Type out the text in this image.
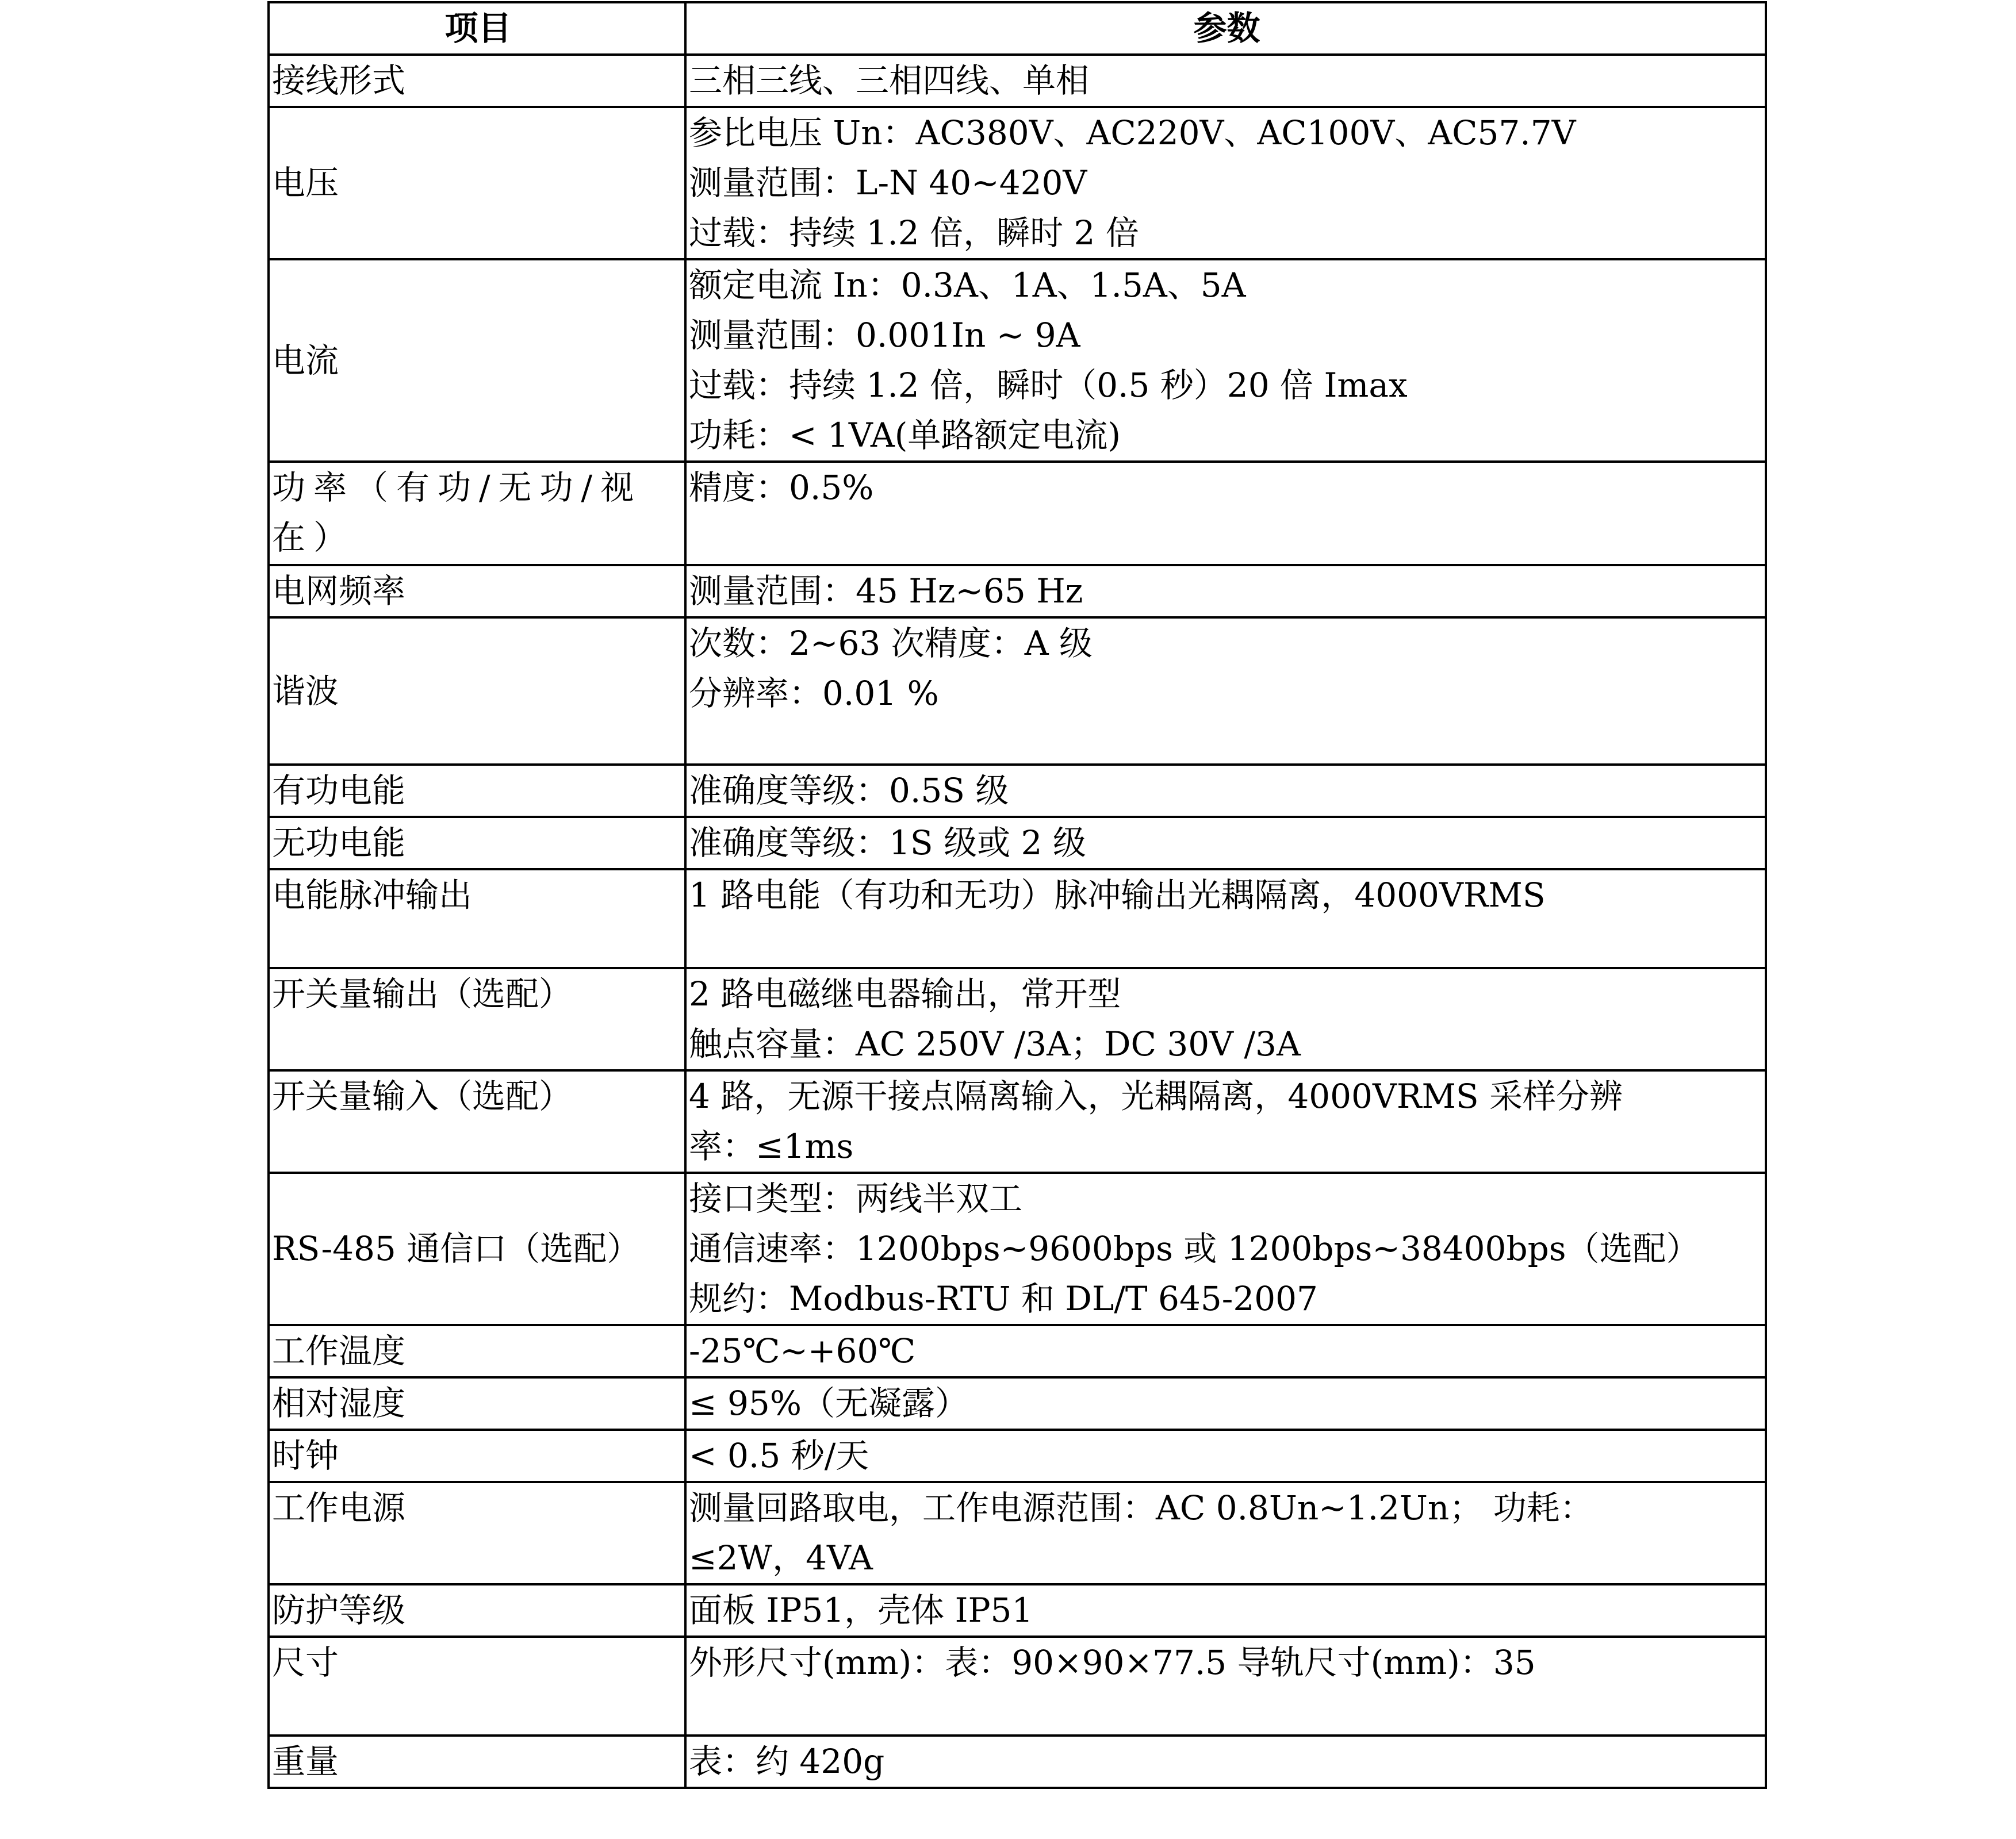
项目	参数
接线形式	三相三线、三相四线、单相

电压	参比电压 Un：AC380V、AC220V、AC100V、AC57.7V
测量范围：L-N 40~420V
过载：持续 1.2 倍，瞬时 2 倍

电流	额定电流 In：0.3A、1A、1.5A、5A
测量范围：0.001In ~ 9A
过载：持续 1.2 倍，瞬时（0.5 秒）20 倍 Imax
功耗：< 1VA(单路额定电流)

功率（有功/无功/视在）	精度：0.5%

电网频率	测量范围：45 Hz~65 Hz

谐波	次数：2~63 次精度：A 级
分辨率：0.01 %

有功电能	准确度等级：0.5S 级

无功电能	准确度等级：1S 级或 2 级

电能脉冲输出	1 路电能（有功和无功）脉冲输出光耦隔离，4000VRMS

开关量输出（选配）	2 路电磁继电器输出，常开型
触点容量：AC 250V /3A；DC 30V /3A

开关量输入（选配）	4 路，无源干接点隔离输入，光耦隔离，4000VRMS 采样分辨
率：≤1ms

RS-485 通信口（选配）	接口类型：两线半双工
通信速率：1200bps~9600bps 或 1200bps~38400bps（选配）
规约：Modbus-RTU 和 DL/T 645-2007

工作温度	-25℃~+60℃

相对湿度	≤ 95%（无凝露）

时钟	< 0.5 秒/天

工作电源	测量回路取电，工作电源范围：AC 0.8Un~1.2Un； 功耗：
≤2W，4VA

防护等级	面板 IP51，壳体 IP51

尺寸	外形尺寸(mm)：表：90×90×77.5 导轨尺寸(mm)：35

重量	表：约 420g
